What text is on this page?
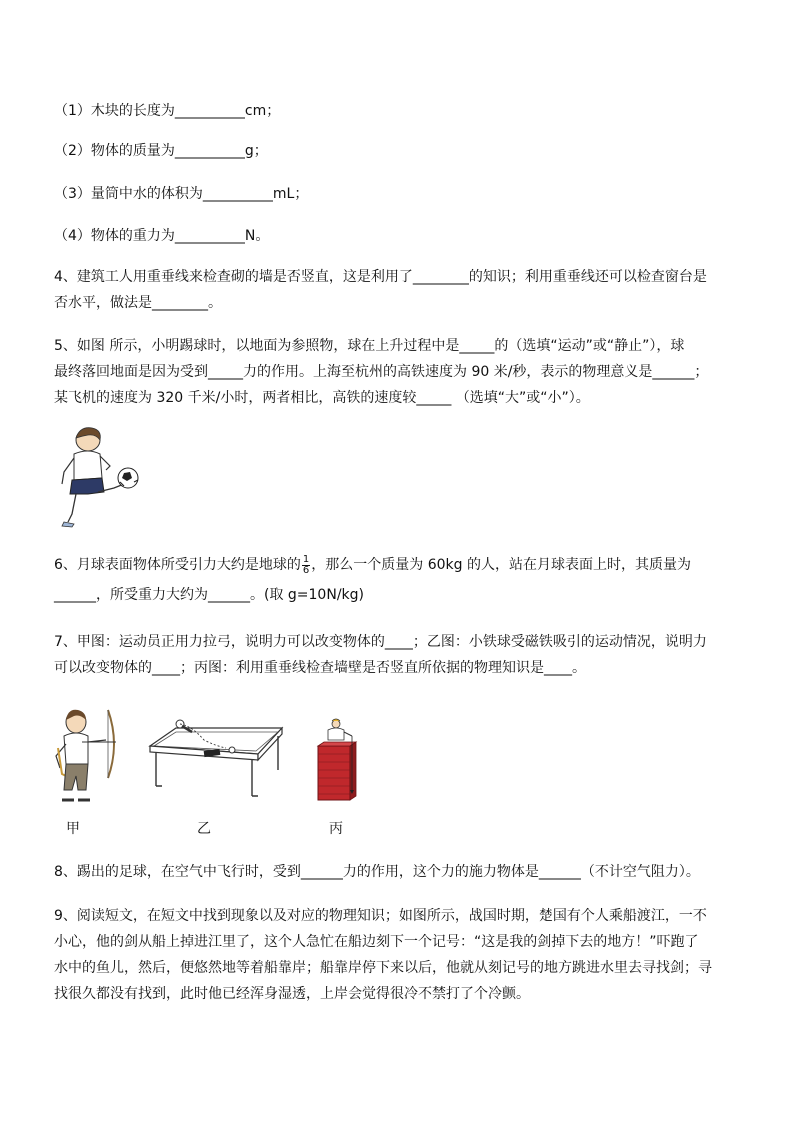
（1）木块的长度为__________cm；
（2）物体的质量为__________g；
（3）量筒中水的体积为__________mL；
（4）物体的重力为__________N。
4、建筑工人用重垂线来检查砌的墙是否竖直，这是利用了________的知识；利用重垂线还可以检查窗台是
否水平，做法是________。
5、如图 所示，小明踢球时，以地面为参照物，球在上升过程中是_____的（选填“运动”或“静止”），球
最终落回地面是因为受到_____力的作用。上海至杭州的高铁速度为 90 米/秒，表示的物理意义是______；
某飞机的速度为 320 千米/小时，两者相比，高铁的速度较_____ （选填“大”或“小”）。
6、月球表面物体所受引力大约是地球的 $\frac{1}{6}$ ，那么一个质量为 60kg 的人，站在月球表面上时，其质量为
______，所受重力大约为______。(取 g=10N/kg)
7、甲图：运动员正用力拉弓，说明力可以改变物体的____；乙图：小铁球受磁铁吸引的运动情况，说明力
可以改变物体的____；丙图：利用重垂线检查墙壁是否竖直所依据的物理知识是____。
甲	乙	丙
8、踢出的足球，在空气中飞行时，受到______力的作用，这个力的施力物体是______（不计空气阻力）。
9、阅读短文，在短文中找到现象以及对应的物理知识；如图所示，战国时期，楚国有个人乘船渡江，一不
小心，他的剑从船上掉进江里了，这个人急忙在船边刻下一个记号：“这是我的剑掉下去的地方！”吓跑了
水中的鱼儿，然后，便悠然地等着船靠岸；船靠岸停下来以后，他就从刻记号的地方跳进水里去寻找剑；寻
找很久都没有找到，此时他已经浑身湿透，上岸会觉得很冷不禁打了个冷颤。
